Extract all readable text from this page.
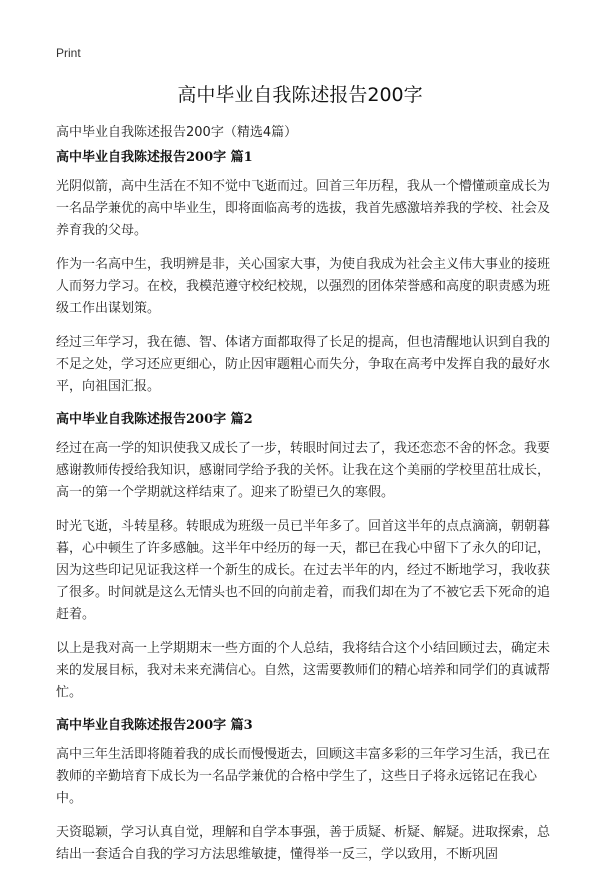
Print
高中毕业自我陈述报告200字
高中毕业自我陈述报告200字（精选4篇）
高中毕业自我陈述报告200字 篇1

光阴似箭，高中生活在不知不觉中飞逝而过。回首三年历程，我从一个懵懂顽童成长为一名品学兼优的高中毕业生，即将面临高考的选拔，我首先感激培养我的学校、社会及养育我的父母。

作为一名高中生，我明辨是非，关心国家大事，为使自我成为社会主义伟大事业的接班人而努力学习。在校，我模范遵守校纪校规，以强烈的团体荣誉感和高度的职责感为班级工作出谋划策。

经过三年学习，我在德、智、体诸方面都取得了长足的提高，但也清醒地认识到自我的不足之处，学习还应更细心，防止因审题粗心而失分，争取在高考中发挥自我的最好水平，向祖国汇报。

高中毕业自我陈述报告200字 篇2

经过在高一学的知识使我又成长了一步，转眼时间过去了，我还恋恋不舍的怀念。我要感谢教师传授给我知识，感谢同学给予我的关怀。让我在这个美丽的学校里茁壮成长，高一的第一个学期就这样结束了。迎来了盼望已久的寒假。

时光飞逝，斗转星移。转眼成为班级一员已半年多了。回首这半年的点点滴滴，朝朝暮暮，心中顿生了许多感触。这半年中经历的每一天，都已在我心中留下了永久的印记，因为这些印记见证我这样一个新生的成长。在过去半年的内，经过不断地学习，我收获了很多。时间就是这么无情头也不回的向前走着，而我们却在为了不被它丢下死命的追赶着。

以上是我对高一上学期期末一些方面的个人总结，我将结合这个小结回顾过去，确定未来的发展目标，我对未来充满信心。自然，这需要教师们的精心培养和同学们的真诚帮忙。

高中毕业自我陈述报告200字 篇3

高中三年生活即将随着我的成长而慢慢逝去，回顾这丰富多彩的三年学习生活，我已在教师的辛勤培育下成长为一名品学兼优的合格中学生了，这些日子将永远铭记在我心中。

天资聪颖，学习认真自觉，理解和自学本事强，善于质疑、析疑、解疑。进取探索，总结出一套适合自我的学习方法思维敏捷，懂得举一反三，学以致用，不断巩固
